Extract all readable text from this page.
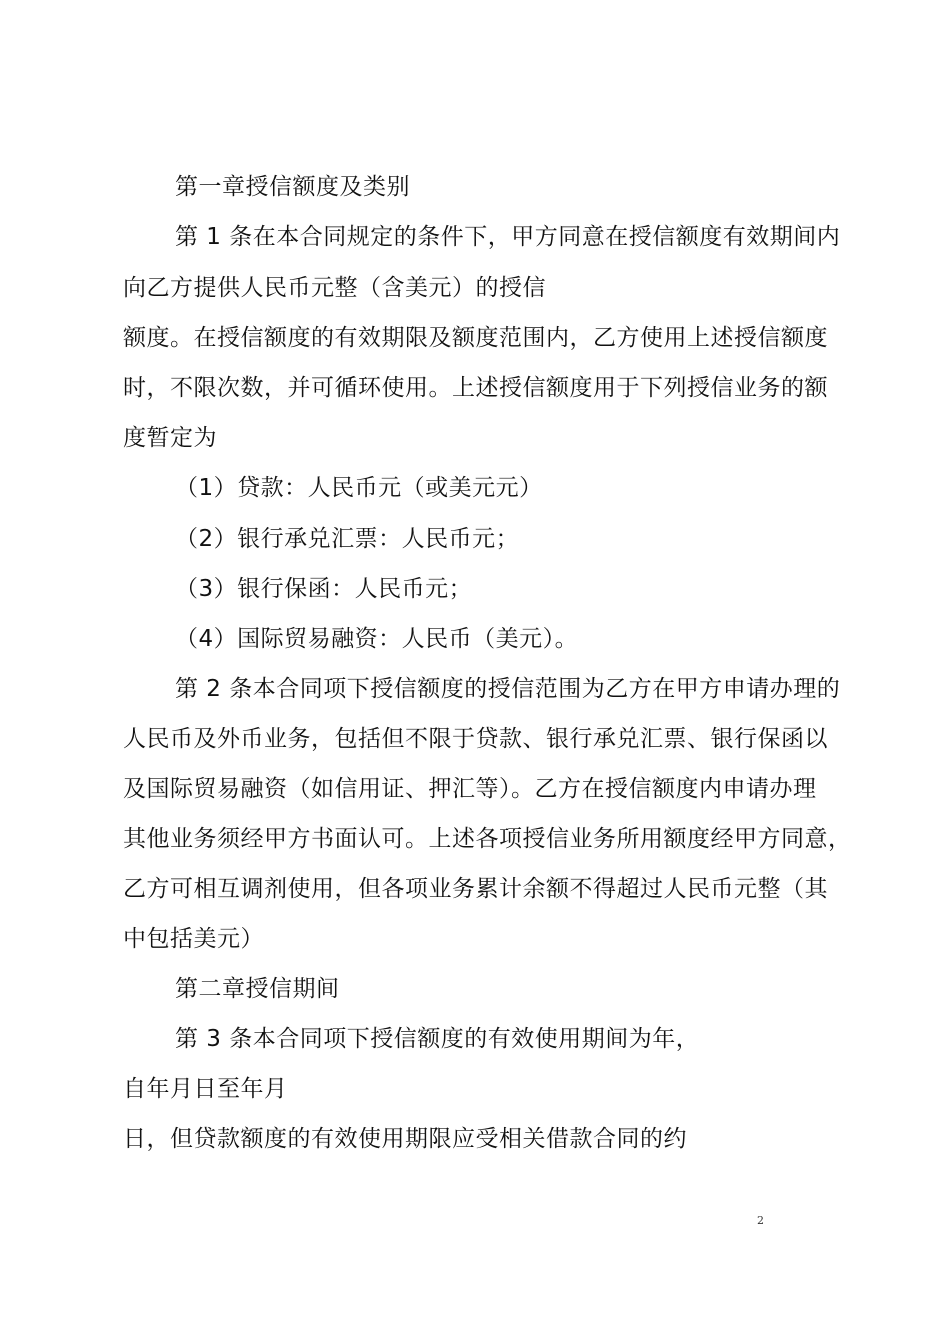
第一章授信额度及类别
第 1 条在本合同规定的条件下，甲方同意在授信额度有效期间内
向乙方提供人民币元整（含美元）的授信
额度。在授信额度的有效期限及额度范围内，乙方使用上述授信额度
时，不限次数，并可循环使用。上述授信额度用于下列授信业务的额
度暂定为
（1）贷款：人民币元（或美元元）
（2）银行承兑汇票：人民币元；
（3）银行保函：人民币元；
（4）国际贸易融资：人民币（美元）。
第 2 条本合同项下授信额度的授信范围为乙方在甲方申请办理的
人民币及外币业务，包括但不限于贷款、银行承兑汇票、银行保函以
及国际贸易融资（如信用证、押汇等）。乙方在授信额度内申请办理
其他业务须经甲方书面认可。上述各项授信业务所用额度经甲方同意，
乙方可相互调剂使用，但各项业务累计余额不得超过人民币元整（其
中包括美元）
第二章授信期间
第 3 条本合同项下授信额度的有效使用期间为年，
自年月日至年月
日，但贷款额度的有效使用期限应受相关借款合同的约
2
